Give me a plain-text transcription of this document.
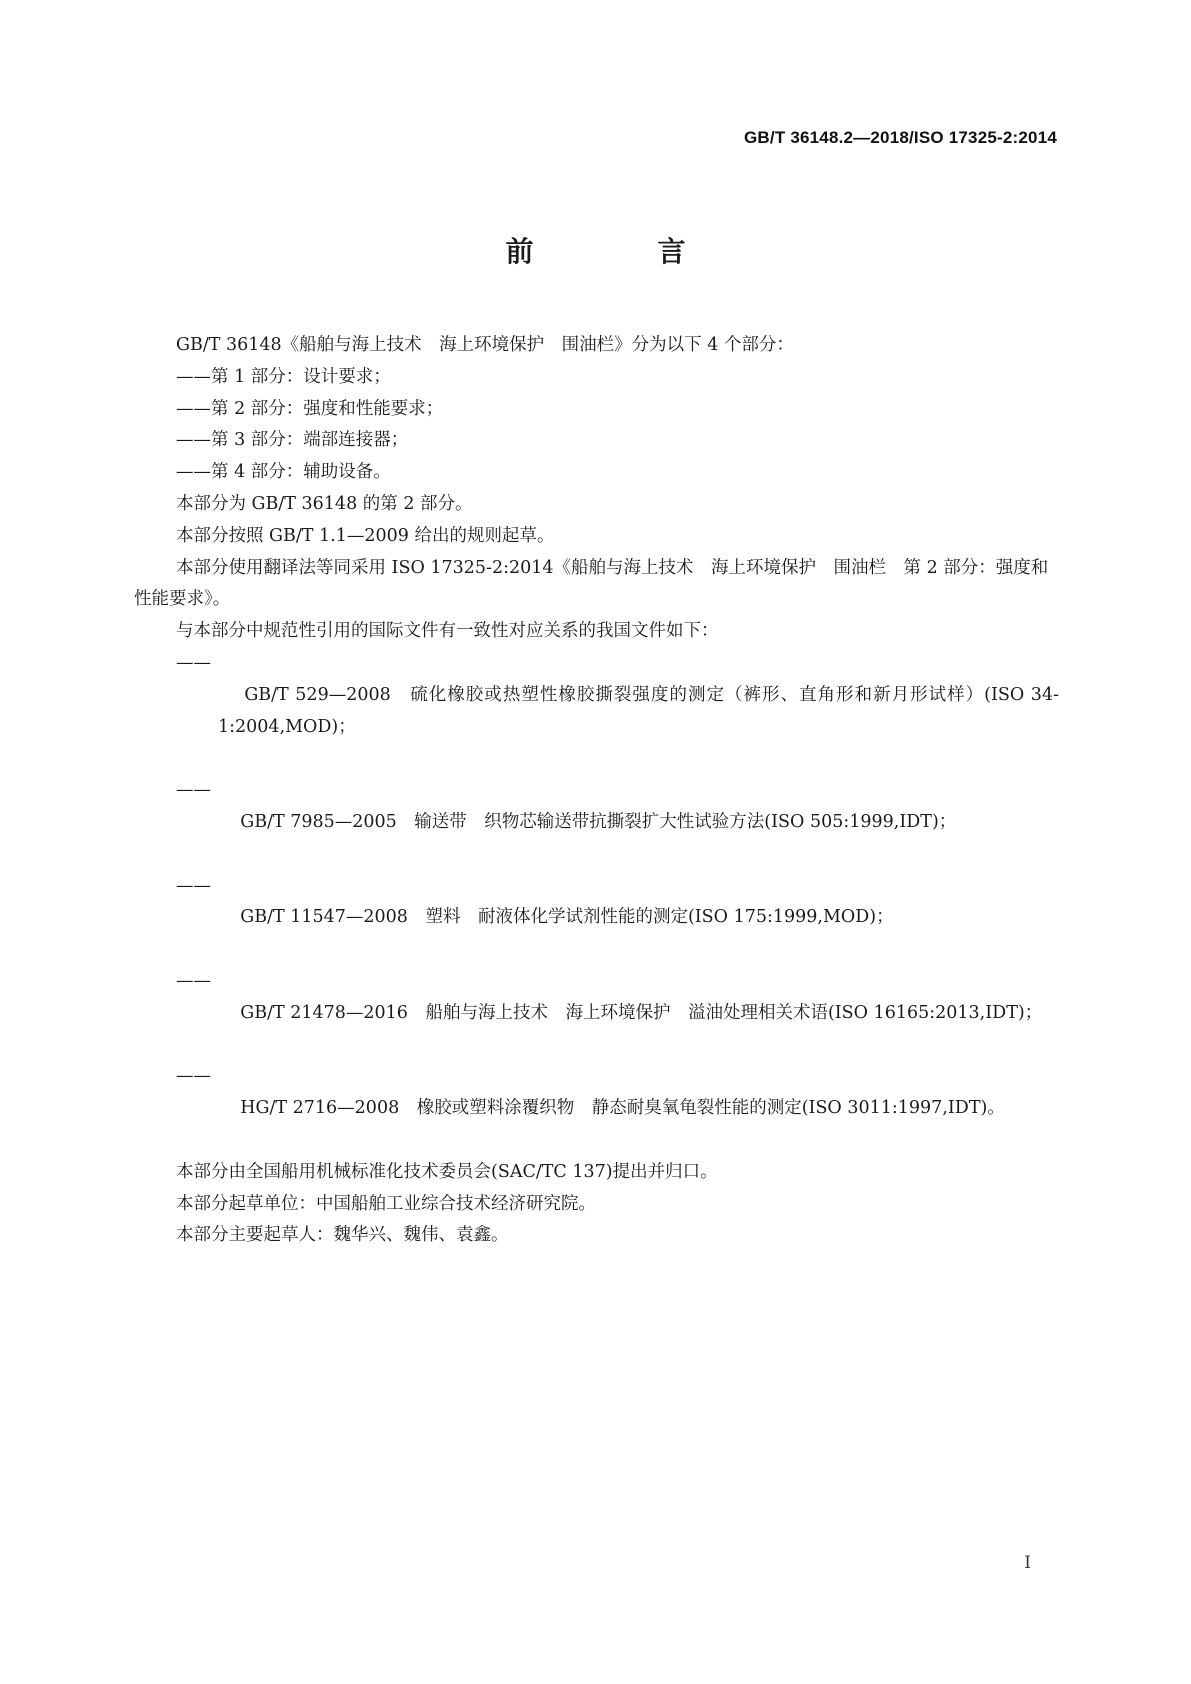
GB/T 36148.2—2018/ISO 17325-2:2014
前　言

GB/T 36148《船舶与海上技术　海上环境保护　围油栏》分为以下 4 个部分：

——第 1 部分：设计要求；

——第 2 部分：强度和性能要求；

——第 3 部分：端部连接器；

——第 4 部分：辅助设备。

本部分为 GB/T 36148 的第 2 部分。

本部分按照 GB/T 1.1—2009 给出的规则起草。

本部分使用翻译法等同采用 ISO 17325-2:2014《船舶与海上技术　海上环境保护　围油栏　第 2 部分：强度和性能要求》。

与本部分中规范性引用的国际文件有一致性对应关系的我国文件如下：

——
GB/T 529—2008　硫化橡胶或热塑性橡胶撕裂强度的测定（裤形、直角形和新月形试样）(ISO 34-1:2004,MOD)；

——
GB/T 7985—2005　输送带　织物芯输送带抗撕裂扩大性试验方法(ISO 505:1999,IDT)；

——
GB/T 11547—2008　塑料　耐液体化学试剂性能的测定(ISO 175:1999,MOD)；

——
GB/T 21478—2016　船舶与海上技术　海上环境保护　溢油处理相关术语(ISO 16165:2013,IDT)；

——
HG/T 2716—2008　橡胶或塑料涂覆织物　静态耐臭氧龟裂性能的测定(ISO 3011:1997,IDT)。

本部分由全国船用机械标准化技术委员会(SAC/TC 137)提出并归口。

本部分起草单位：中国船舶工业综合技术经济研究院。

本部分主要起草人：魏华兴、魏伟、袁鑫。

I
